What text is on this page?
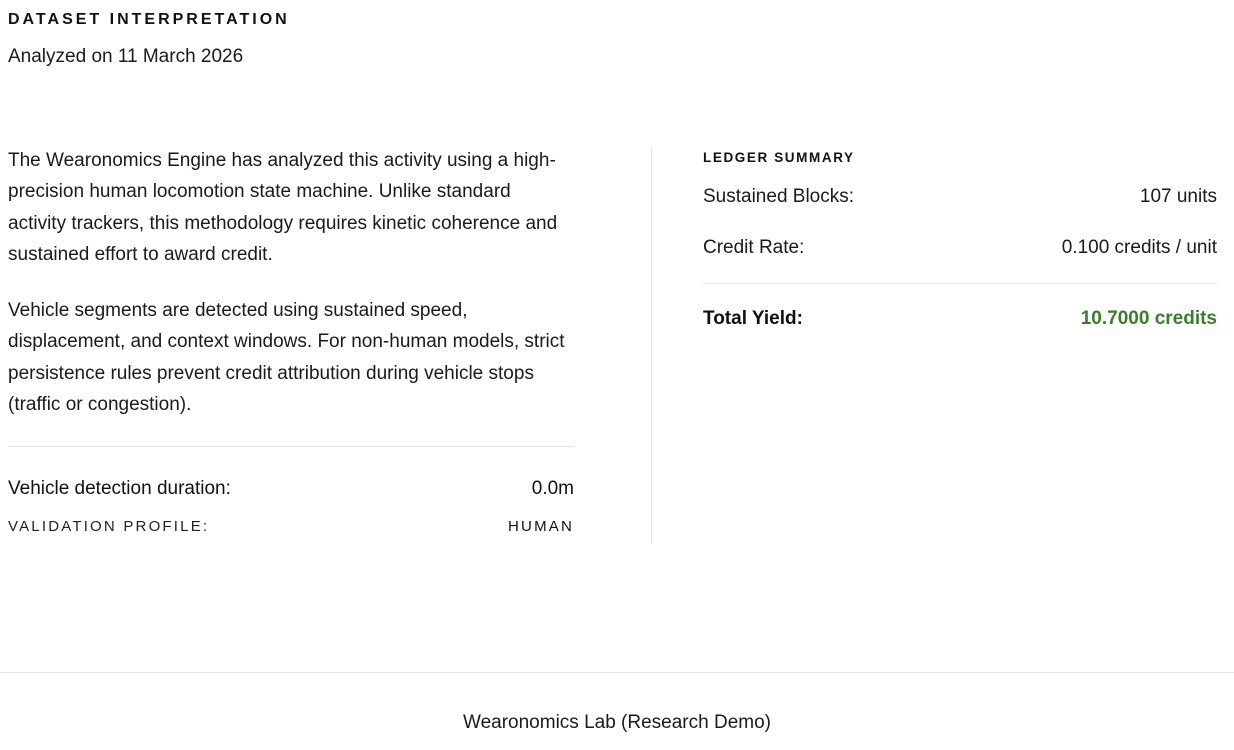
DATASET INTERPRETATION
Analyzed on 11 March 2026

The Wearonomics Engine has analyzed this activity using a high-precision human locomotion state machine. Unlike standard activity trackers, this methodology requires kinetic coherence and sustained effort to award credit.

Vehicle segments are detected using sustained speed, displacement, and context windows. For non-human models, strict persistence rules prevent credit attribution during vehicle stops (traffic or congestion).

Vehicle detection duration:	0.0m
VALIDATION PROFILE:	HUMAN
LEDGER SUMMARY
Sustained Blocks:	107 units
Credit Rate:	0.100 credits / unit
Total Yield:	10.7000 credits
Wearonomics Lab (Research Demo)
